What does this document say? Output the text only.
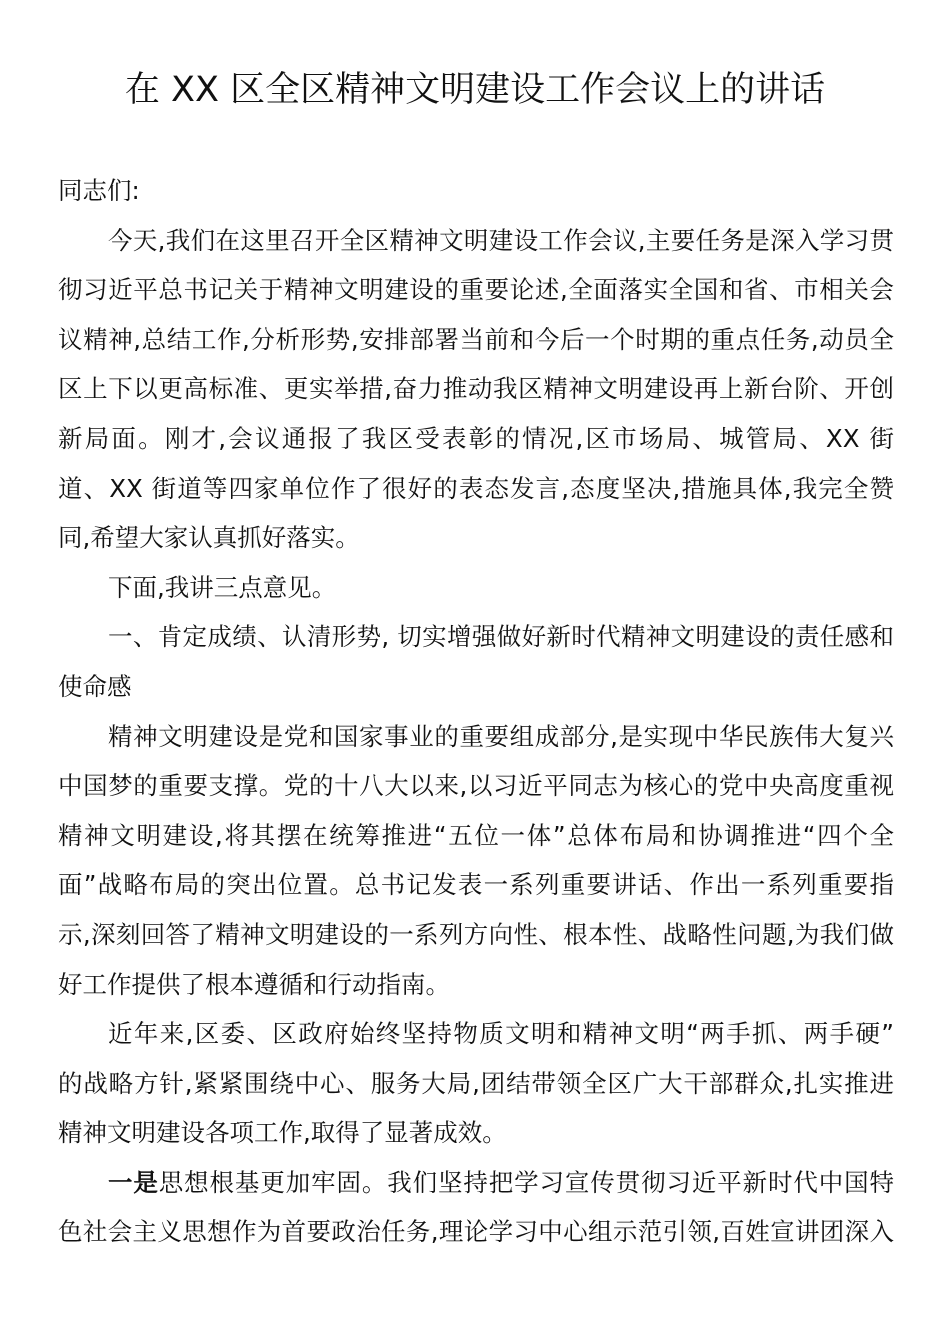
在 XX 区全区精神文明建设工作会议上的讲话
同志们:
今天,我们在这里召开全区精神文明建设工作会议,主要任务是深入学习贯
彻习近平总书记关于精神文明建设的重要论述,全面落实全国和省、市相关会
议精神,总结工作,分析形势,安排部署当前和今后一个时期的重点任务,动员全
区上下以更高标准、更实举措,奋力推动我区精神文明建设再上新台阶、开创
新局面。刚才,会议通报了我区受表彰的情况,区市场局、城管局、XX 街
道、XX 街道等四家单位作了很好的表态发言,态度坚决,措施具体,我完全赞
同,希望大家认真抓好落实。
下面,我讲三点意见。
一、肯定成绩、认清形势, 切实增强做好新时代精神文明建设的责任感和
使命感
精神文明建设是党和国家事业的重要组成部分,是实现中华民族伟大复兴
中国梦的重要支撑。党的十八大以来,以习近平同志为核心的党中央高度重视
精神文明建设,将其摆在统筹推进“五位一体”总体布局和协调推进“四个全
面”战略布局的突出位置。总书记发表一系列重要讲话、作出一系列重要指
示,深刻回答了精神文明建设的一系列方向性、根本性、战略性问题,为我们做
好工作提供了根本遵循和行动指南。
近年来,区委、区政府始终坚持物质文明和精神文明“两手抓、两手硬”
的战略方针,紧紧围绕中心、服务大局,团结带领全区广大干部群众,扎实推进
精神文明建设各项工作,取得了显著成效。
一是思想根基更加牢固。我们坚持把学习宣传贯彻习近平新时代中国特
色社会主义思想作为首要政治任务,理论学习中心组示范引领,百姓宣讲团深入
